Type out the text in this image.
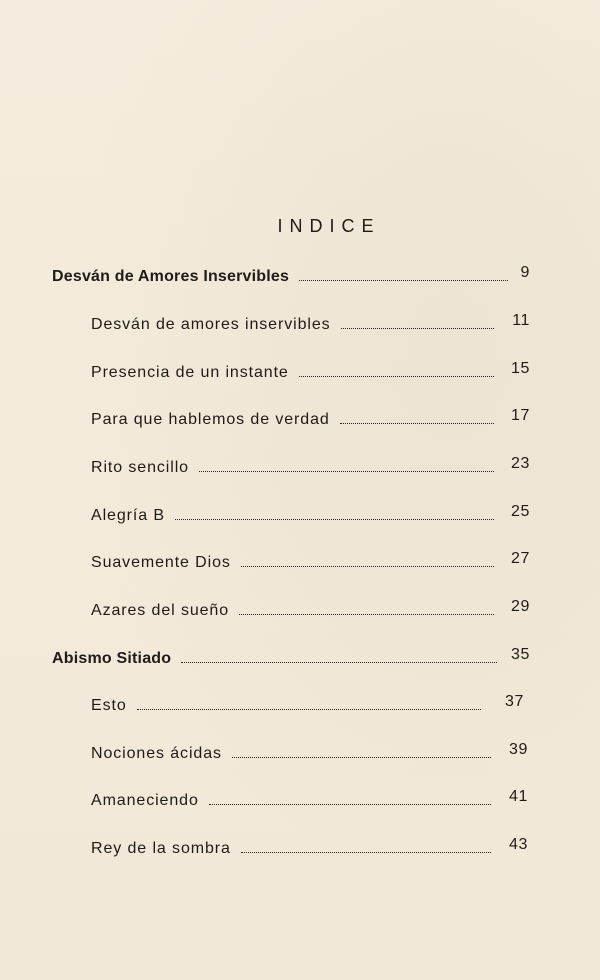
INDICE
Desván de Amores Inservibles	9
Desván de amores inservibles	11
Presencia de un instante	15
Para que hablemos de verdad	17
Rito sencillo	23
Alegría B	25
Suavemente Dios	27
Azares del sueño	29
Abismo Sitiado	35
Esto	37
Nociones ácidas	39
Amaneciendo	41
Rey de la sombra	43
